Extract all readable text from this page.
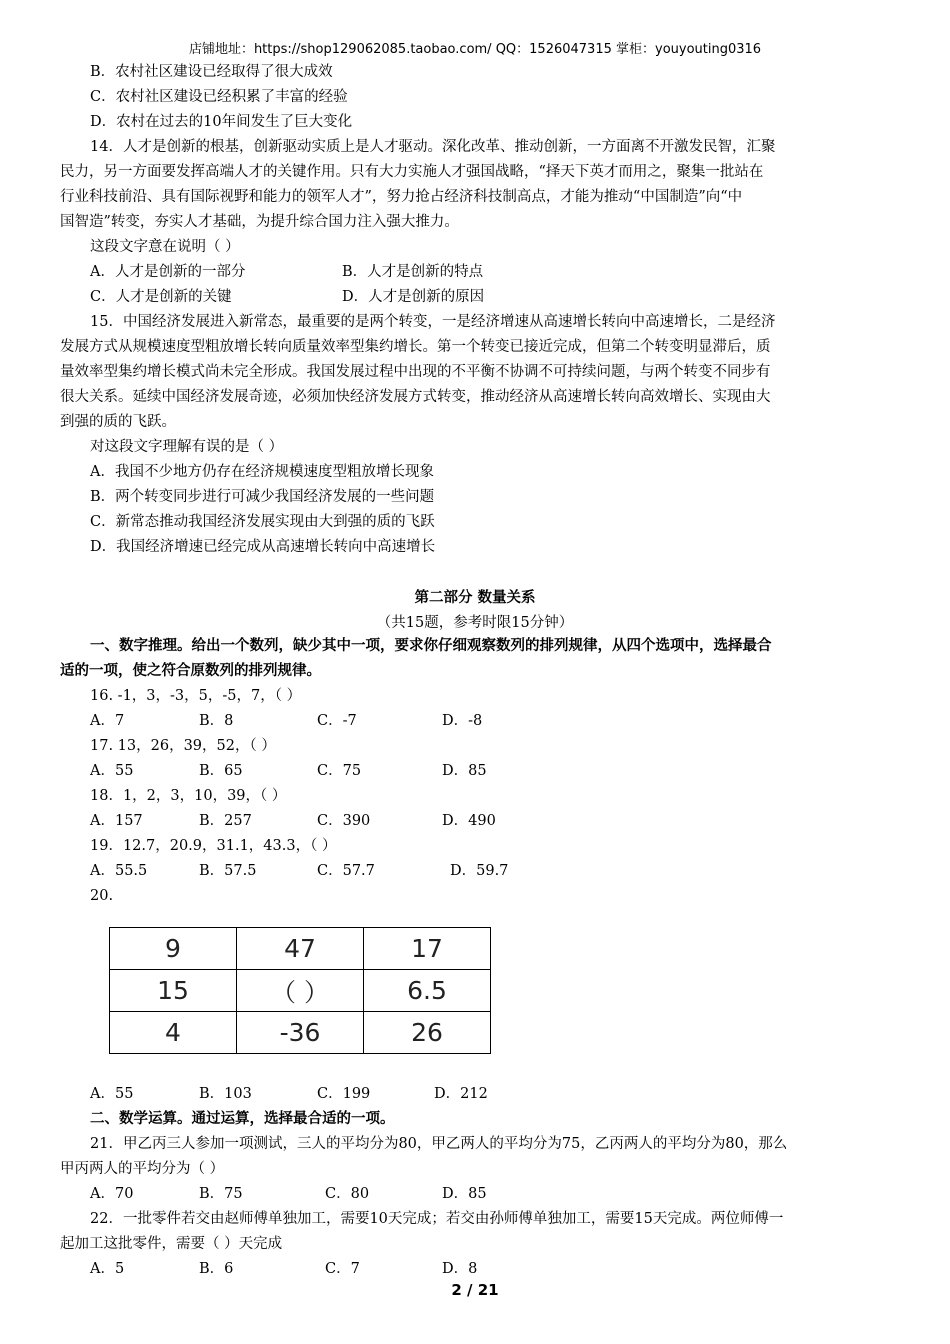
店铺地址：https://shop129062085.taobao.com/ QQ：1526047315 掌柜：youyouting0316
B．农村社区建设已经取得了很大成效
C．农村社区建设已经积累了丰富的经验
D．农村在过去的10年间发生了巨大变化
14．人才是创新的根基，创新驱动实质上是人才驱动。深化改革、推动创新，一方面离不开激发民智，汇聚
民力，另一方面要发挥高端人才的关键作用。只有大力实施人才强国战略，“择天下英才而用之，聚集一批站在
行业科技前沿、具有国际视野和能力的领军人才”，努力抢占经济科技制高点，才能为推动“中国制造”向“中
国智造”转变，夯实人才基础，为提升综合国力注入强大推力。
这段文字意在说明（ ）
A．人才是创新的一部分	B．人才是创新的特点
C．人才是创新的关键	D．人才是创新的原因
15．中国经济发展进入新常态，最重要的是两个转变，一是经济增速从高速增长转向中高速增长，二是经济
发展方式从规模速度型粗放增长转向质量效率型集约增长。第一个转变已接近完成，但第二个转变明显滞后，质
量效率型集约增长模式尚未完全形成。我国发展过程中出现的不平衡不协调不可持续问题，与两个转变不同步有
很大关系。延续中国经济发展奇迹，必须加快经济发展方式转变，推动经济从高速增长转向高效增长、实现由大
到强的质的飞跃。
对这段文字理解有误的是（ ）
A．我国不少地方仍存在经济规模速度型粗放增长现象
B．两个转变同步进行可减少我国经济发展的一些问题
C．新常态推动我国经济发展实现由大到强的质的飞跃
D．我国经济增速已经完成从高速增长转向中高速增长
第二部分 数量关系
（共15题，参考时限15分钟）
一、数字推理。给出一个数列，缺少其中一项，要求你仔细观察数列的排列规律，从四个选项中，选择最合
适的一项，使之符合原数列的排列规律。
16. -1，3，-3，5，-5，7，（ ）
A．7	B．8	C．-7	D．-8
17. 13，26，39，52，（ ）
A．55	B．65	C．75	D．85
18．1，2，3，10，39，（ ）
A．157	B．257	C．390	D．490
19．12.7，20.9，31.1，43.3，（ ）
A．55.5	B．57.5	C．57.7	D．59.7
20.
9	47	17
15	（ ）	6.5
4	-36	26
A．55	B．103	C．199	D．212
二、数学运算。通过运算，选择最合适的一项。
21．甲乙丙三人参加一项测试，三人的平均分为80，甲乙两人的平均分为75，乙丙两人的平均分为80，那么
甲丙两人的平均分为（ ）
A．70	B．75	C．80	D．85
22．一批零件若交由赵师傅单独加工，需要10天完成；若交由孙师傅单独加工，需要15天完成。两位师傅一
起加工这批零件，需要（ ）天完成
A．5	B．6	C．7	D．8
2 / 21
